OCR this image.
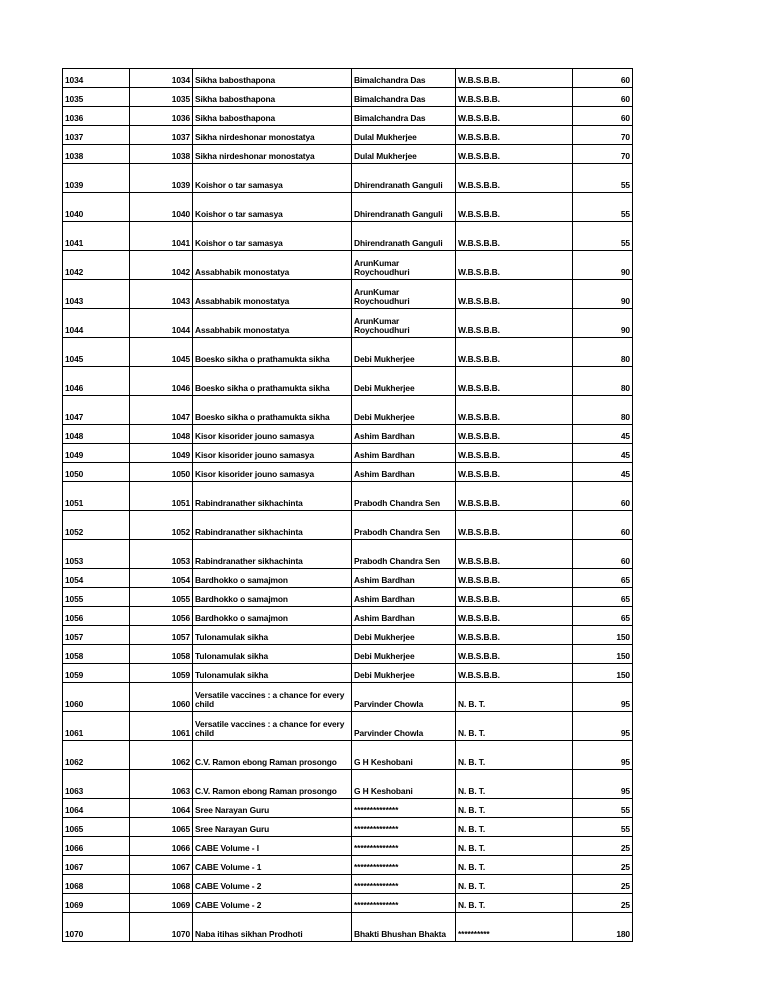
1034	1034	Sikha babosthapona	Bimalchandra Das	W.B.S.B.B.	60
1035	1035	Sikha babosthapona	Bimalchandra Das	W.B.S.B.B.	60
1036	1036	Sikha babosthapona	Bimalchandra Das	W.B.S.B.B.	60
1037	1037	Sikha nirdeshonar monostatya	Dulal Mukherjee	W.B.S.B.B.	70
1038	1038	Sikha nirdeshonar monostatya	Dulal Mukherjee	W.B.S.B.B.	70
1039	1039	Koishor o tar samasya	Dhirendranath Ganguli	W.B.S.B.B.	55
1040	1040	Koishor o tar samasya	Dhirendranath Ganguli	W.B.S.B.B.	55
1041	1041	Koishor o tar samasya	Dhirendranath Ganguli	W.B.S.B.B.	55
1042	1042	Assabhabik monostatya	ArunKumar Roychoudhuri	W.B.S.B.B.	90
1043	1043	Assabhabik monostatya	ArunKumar Roychoudhuri	W.B.S.B.B.	90
1044	1044	Assabhabik monostatya	ArunKumar Roychoudhuri	W.B.S.B.B.	90
1045	1045	Boesko sikha o prathamukta sikha	Debi Mukherjee	W.B.S.B.B.	80
1046	1046	Boesko sikha o prathamukta sikha	Debi Mukherjee	W.B.S.B.B.	80
1047	1047	Boesko sikha o prathamukta sikha	Debi Mukherjee	W.B.S.B.B.	80
1048	1048	Kisor kisorider jouno samasya	Ashim Bardhan	W.B.S.B.B.	45
1049	1049	Kisor kisorider jouno samasya	Ashim Bardhan	W.B.S.B.B.	45
1050	1050	Kisor kisorider jouno samasya	Ashim Bardhan	W.B.S.B.B.	45
1051	1051	Rabindranather sikhachinta	Prabodh Chandra Sen	W.B.S.B.B.	60
1052	1052	Rabindranather sikhachinta	Prabodh Chandra Sen	W.B.S.B.B.	60
1053	1053	Rabindranather sikhachinta	Prabodh Chandra Sen	W.B.S.B.B.	60
1054	1054	Bardhokko o samajmon	Ashim Bardhan	W.B.S.B.B.	65
1055	1055	Bardhokko o samajmon	Ashim Bardhan	W.B.S.B.B.	65
1056	1056	Bardhokko o samajmon	Ashim Bardhan	W.B.S.B.B.	65
1057	1057	Tulonamulak sikha	Debi Mukherjee	W.B.S.B.B.	150
1058	1058	Tulonamulak sikha	Debi Mukherjee	W.B.S.B.B.	150
1059	1059	Tulonamulak sikha	Debi Mukherjee	W.B.S.B.B.	150
1060	1060	Versatile vaccines : a chance for every child	Parvinder Chowla	N. B. T.	95
1061	1061	Versatile vaccines : a chance for every child	Parvinder Chowla	N. B. T.	95
1062	1062	C.V. Ramon ebong Raman prosongo	G H Keshobani	N. B. T.	95
1063	1063	C.V. Ramon ebong Raman prosongo	G H Keshobani	N. B. T.	95
1064	1064	Sree Narayan Guru	**************	N. B. T.	55
1065	1065	Sree Narayan Guru	**************	N. B. T.	55
1066	1066	CABE Volume - I	**************	N. B. T.	25
1067	1067	CABE Volume - 1	**************	N. B. T.	25
1068	1068	CABE Volume - 2	**************	N. B. T.	25
1069	1069	CABE Volume - 2	**************	N. B. T.	25
1070	1070	Naba itihas sikhan Prodhoti	Bhakti Bhushan Bhakta	**********	180
